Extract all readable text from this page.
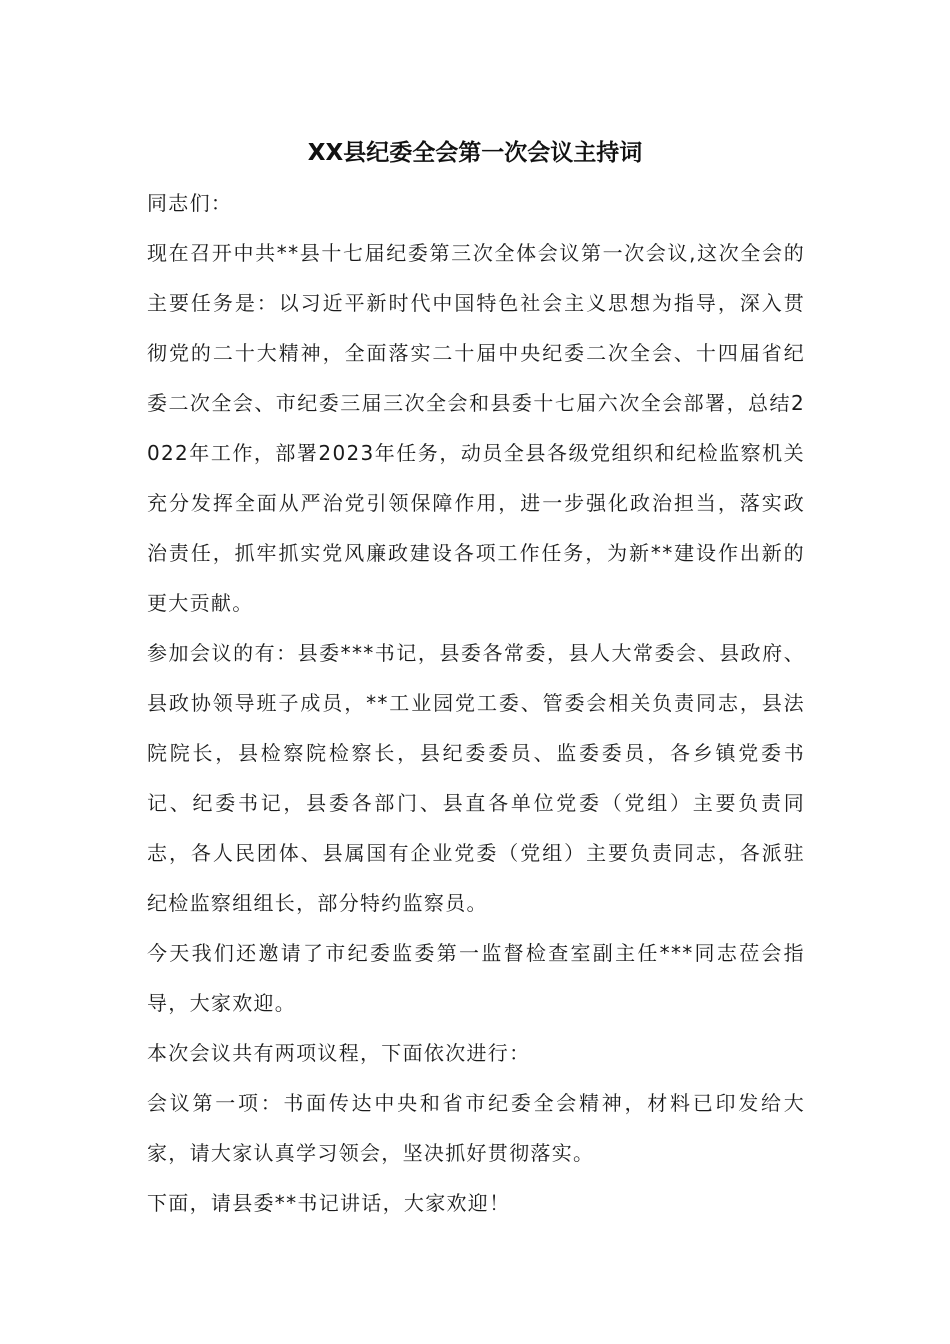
XX县纪委全会第一次会议主持词

同志们：

现在召开中共**县十七届纪委第三次全体会议第一次会议,这次全会的主要任务是：以习近平新时代中国特色社会主义思想为指导，深入贯彻党的二十大精神，全面落实二十届中央纪委二次全会、十四届省纪委二次全会、市纪委三届三次全会和县委十七届六次全会部署，总结2022年工作，部署2023年任务，动员全县各级党组织和纪检监察机关充分发挥全面从严治党引领保障作用，进一步强化政治担当，落实政治责任，抓牢抓实党风廉政建设各项工作任务，为新**建设作出新的更大贡献。

参加会议的有：县委***书记，县委各常委，县人大常委会、县政府、县政协领导班子成员，**工业园党工委、管委会相关负责同志，县法院院长，县检察院检察长，县纪委委员、监委委员，各乡镇党委书记、纪委书记，县委各部门、县直各单位党委（党组）主要负责同志，各人民团体、县属国有企业党委（党组）主要负责同志，各派驻纪检监察组组长，部分特约监察员。

今天我们还邀请了市纪委监委第一监督检查室副主任***同志莅会指导，大家欢迎。

本次会议共有两项议程，下面依次进行：

会议第一项：书面传达中央和省市纪委全会精神，材料已印发给大家，请大家认真学习领会，坚决抓好贯彻落实。

下面，请县委**书记讲话，大家欢迎！
